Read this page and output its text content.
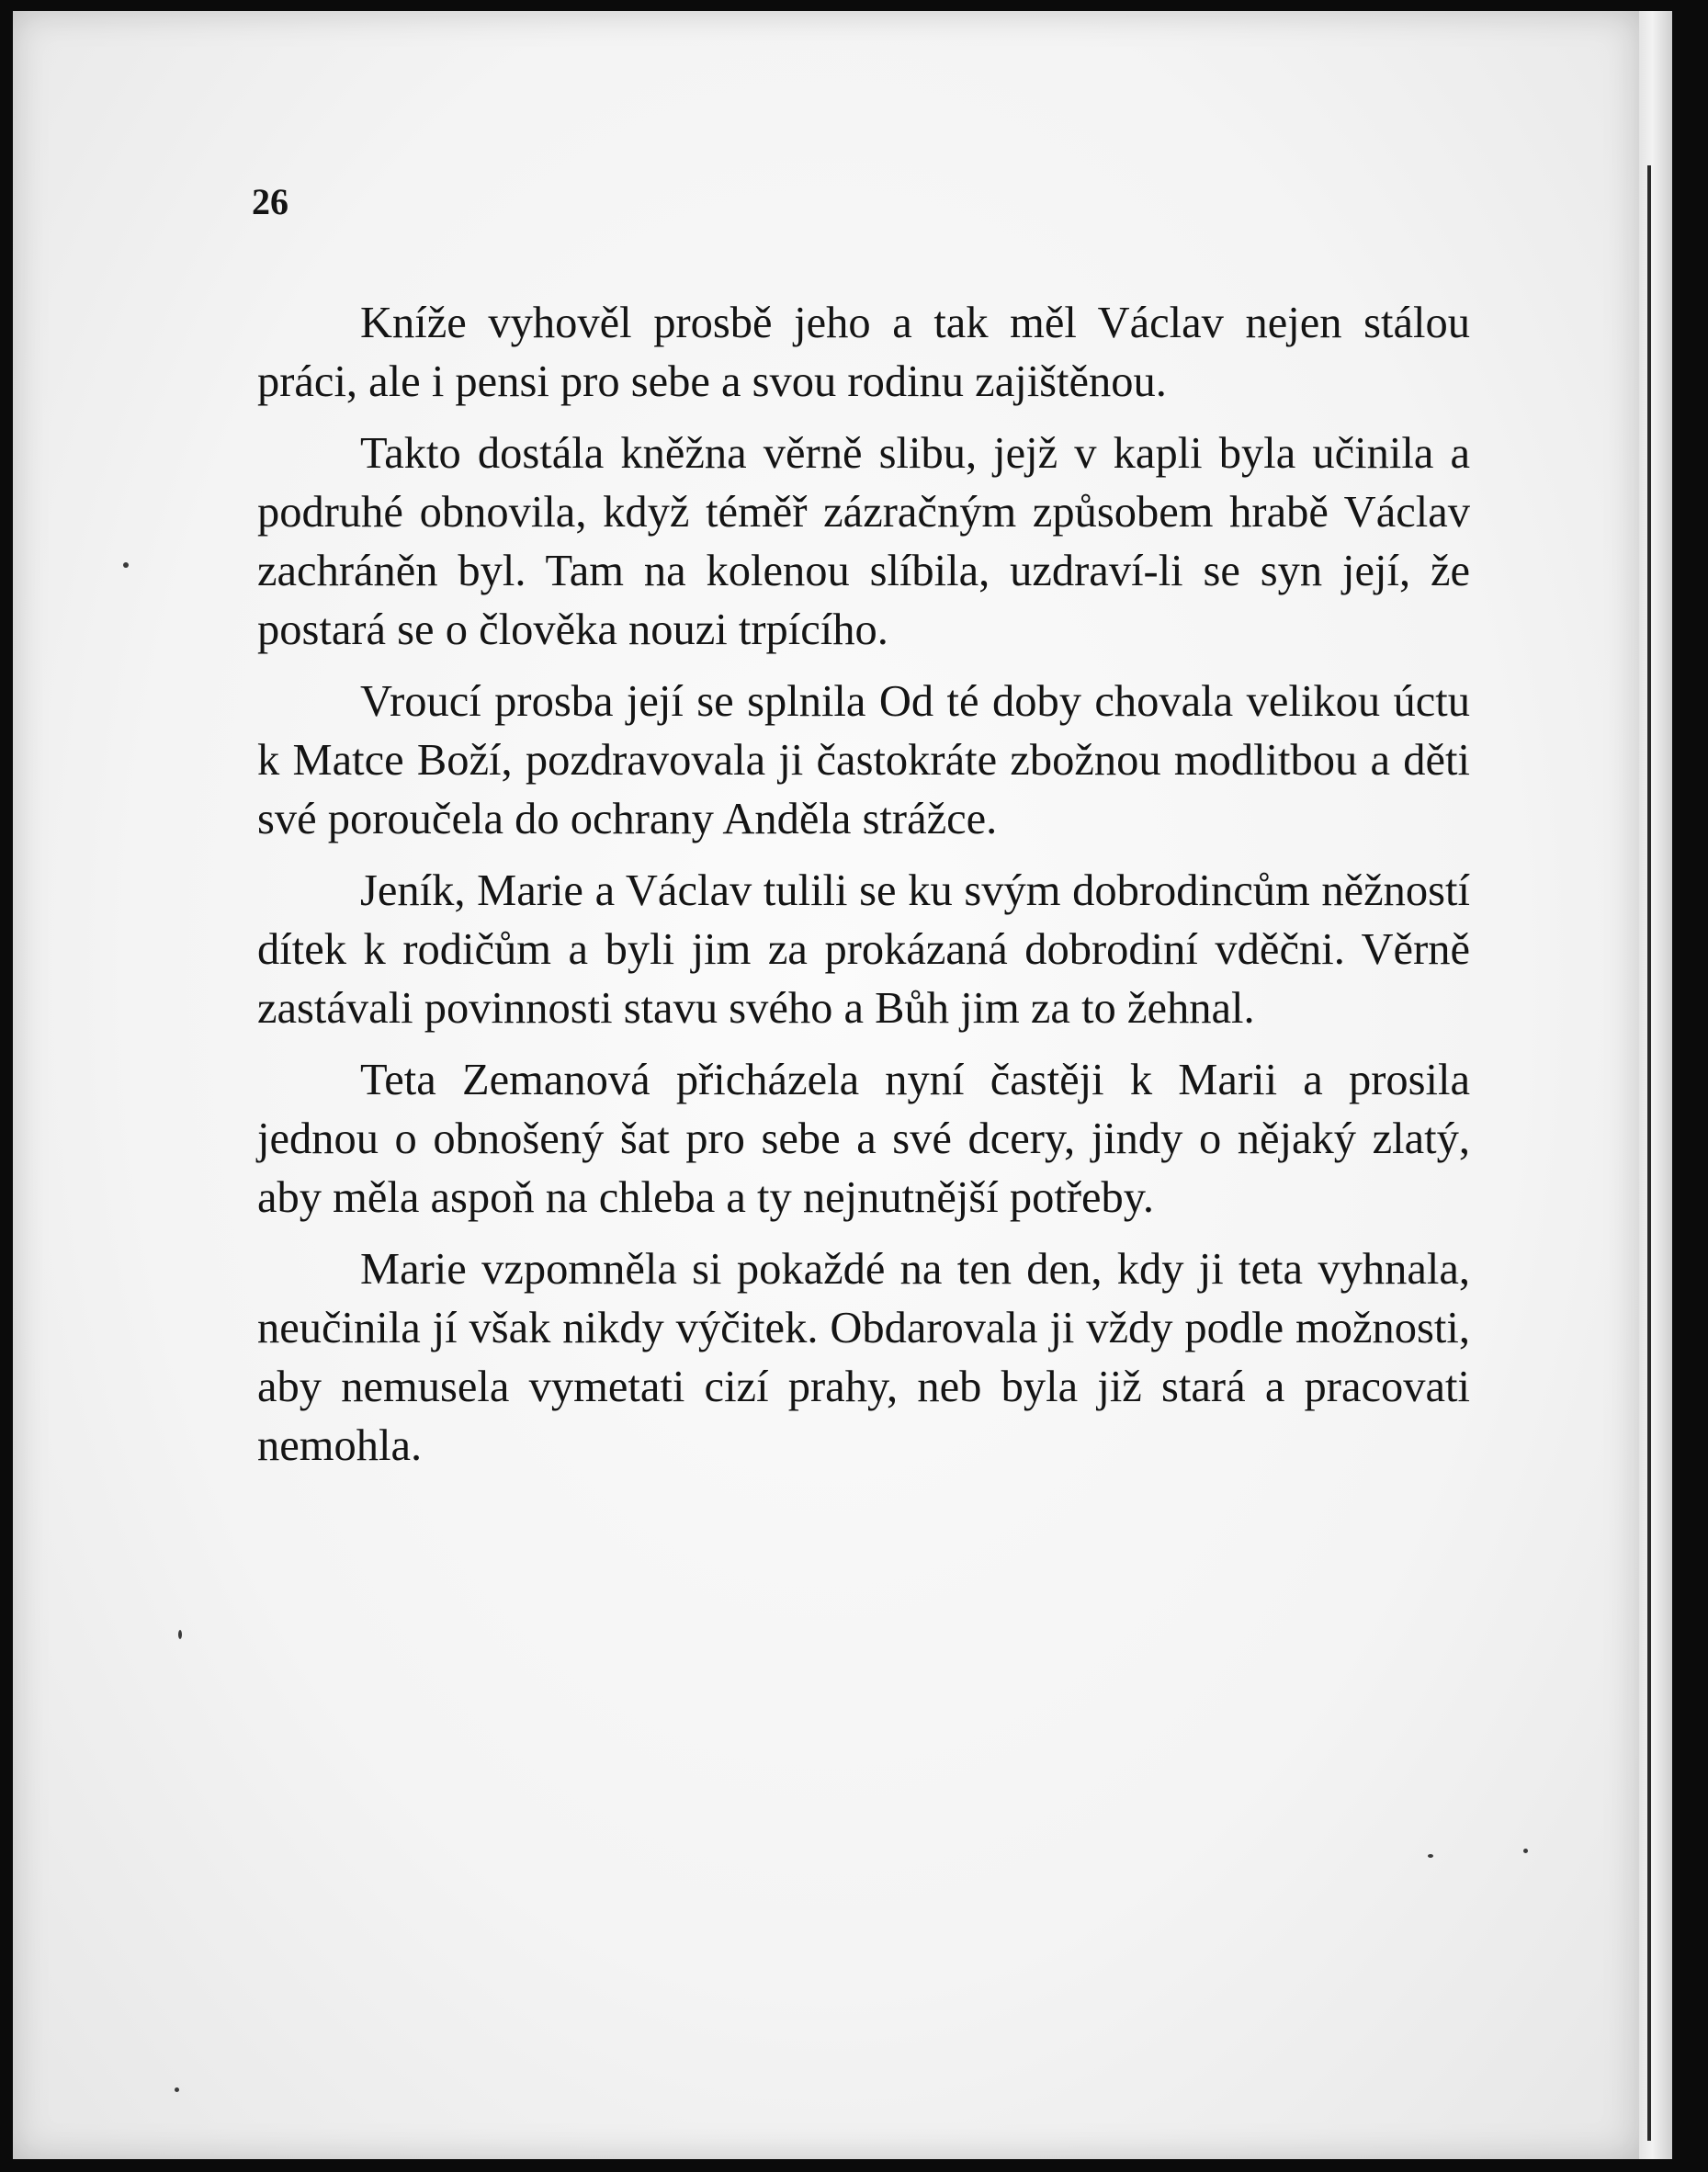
26

Kníže vyhověl prosbě jeho a tak měl Václav nejen stálou práci, ale i pensi pro sebe a svou rodinu zajištěnou.

Takto dostála kněžna věrně slibu, jejž v kapli byla učinila a podruhé obnovila, když téměř zázračným způsobem hrabě Václav zachráněn byl. Tam na kolenou slíbila, uzdraví-li se syn její, že postará se o člověka nouzi trpícího.

Vroucí prosba její se splnila Od té doby chovala velikou úctu k Matce Boží, pozdravovala ji častokráte zbožnou modlitbou a děti své poroučela do ochrany Anděla strážce.

Jeník, Marie a Václav tulili se ku svým dobrodincům něžností dítek k rodičům a byli jim za prokázaná dobrodiní vděčni. Věrně zastávali povinnosti stavu svého a Bůh jim za to žehnal.

Teta Zemanová přicházela nyní častěji k Marii a prosila jednou o obnošený šat pro sebe a své dcery, jindy o nějaký zlatý, aby měla aspoň na chleba a ty nejnutnější potřeby.

Marie vzpomněla si pokaždé na ten den, kdy ji teta vyhnala, neučinila jí však nikdy výčitek. Obdarovala ji vždy podle možnosti, aby nemusela vymetati cizí prahy, neb byla již stará a pracovati nemohla.
